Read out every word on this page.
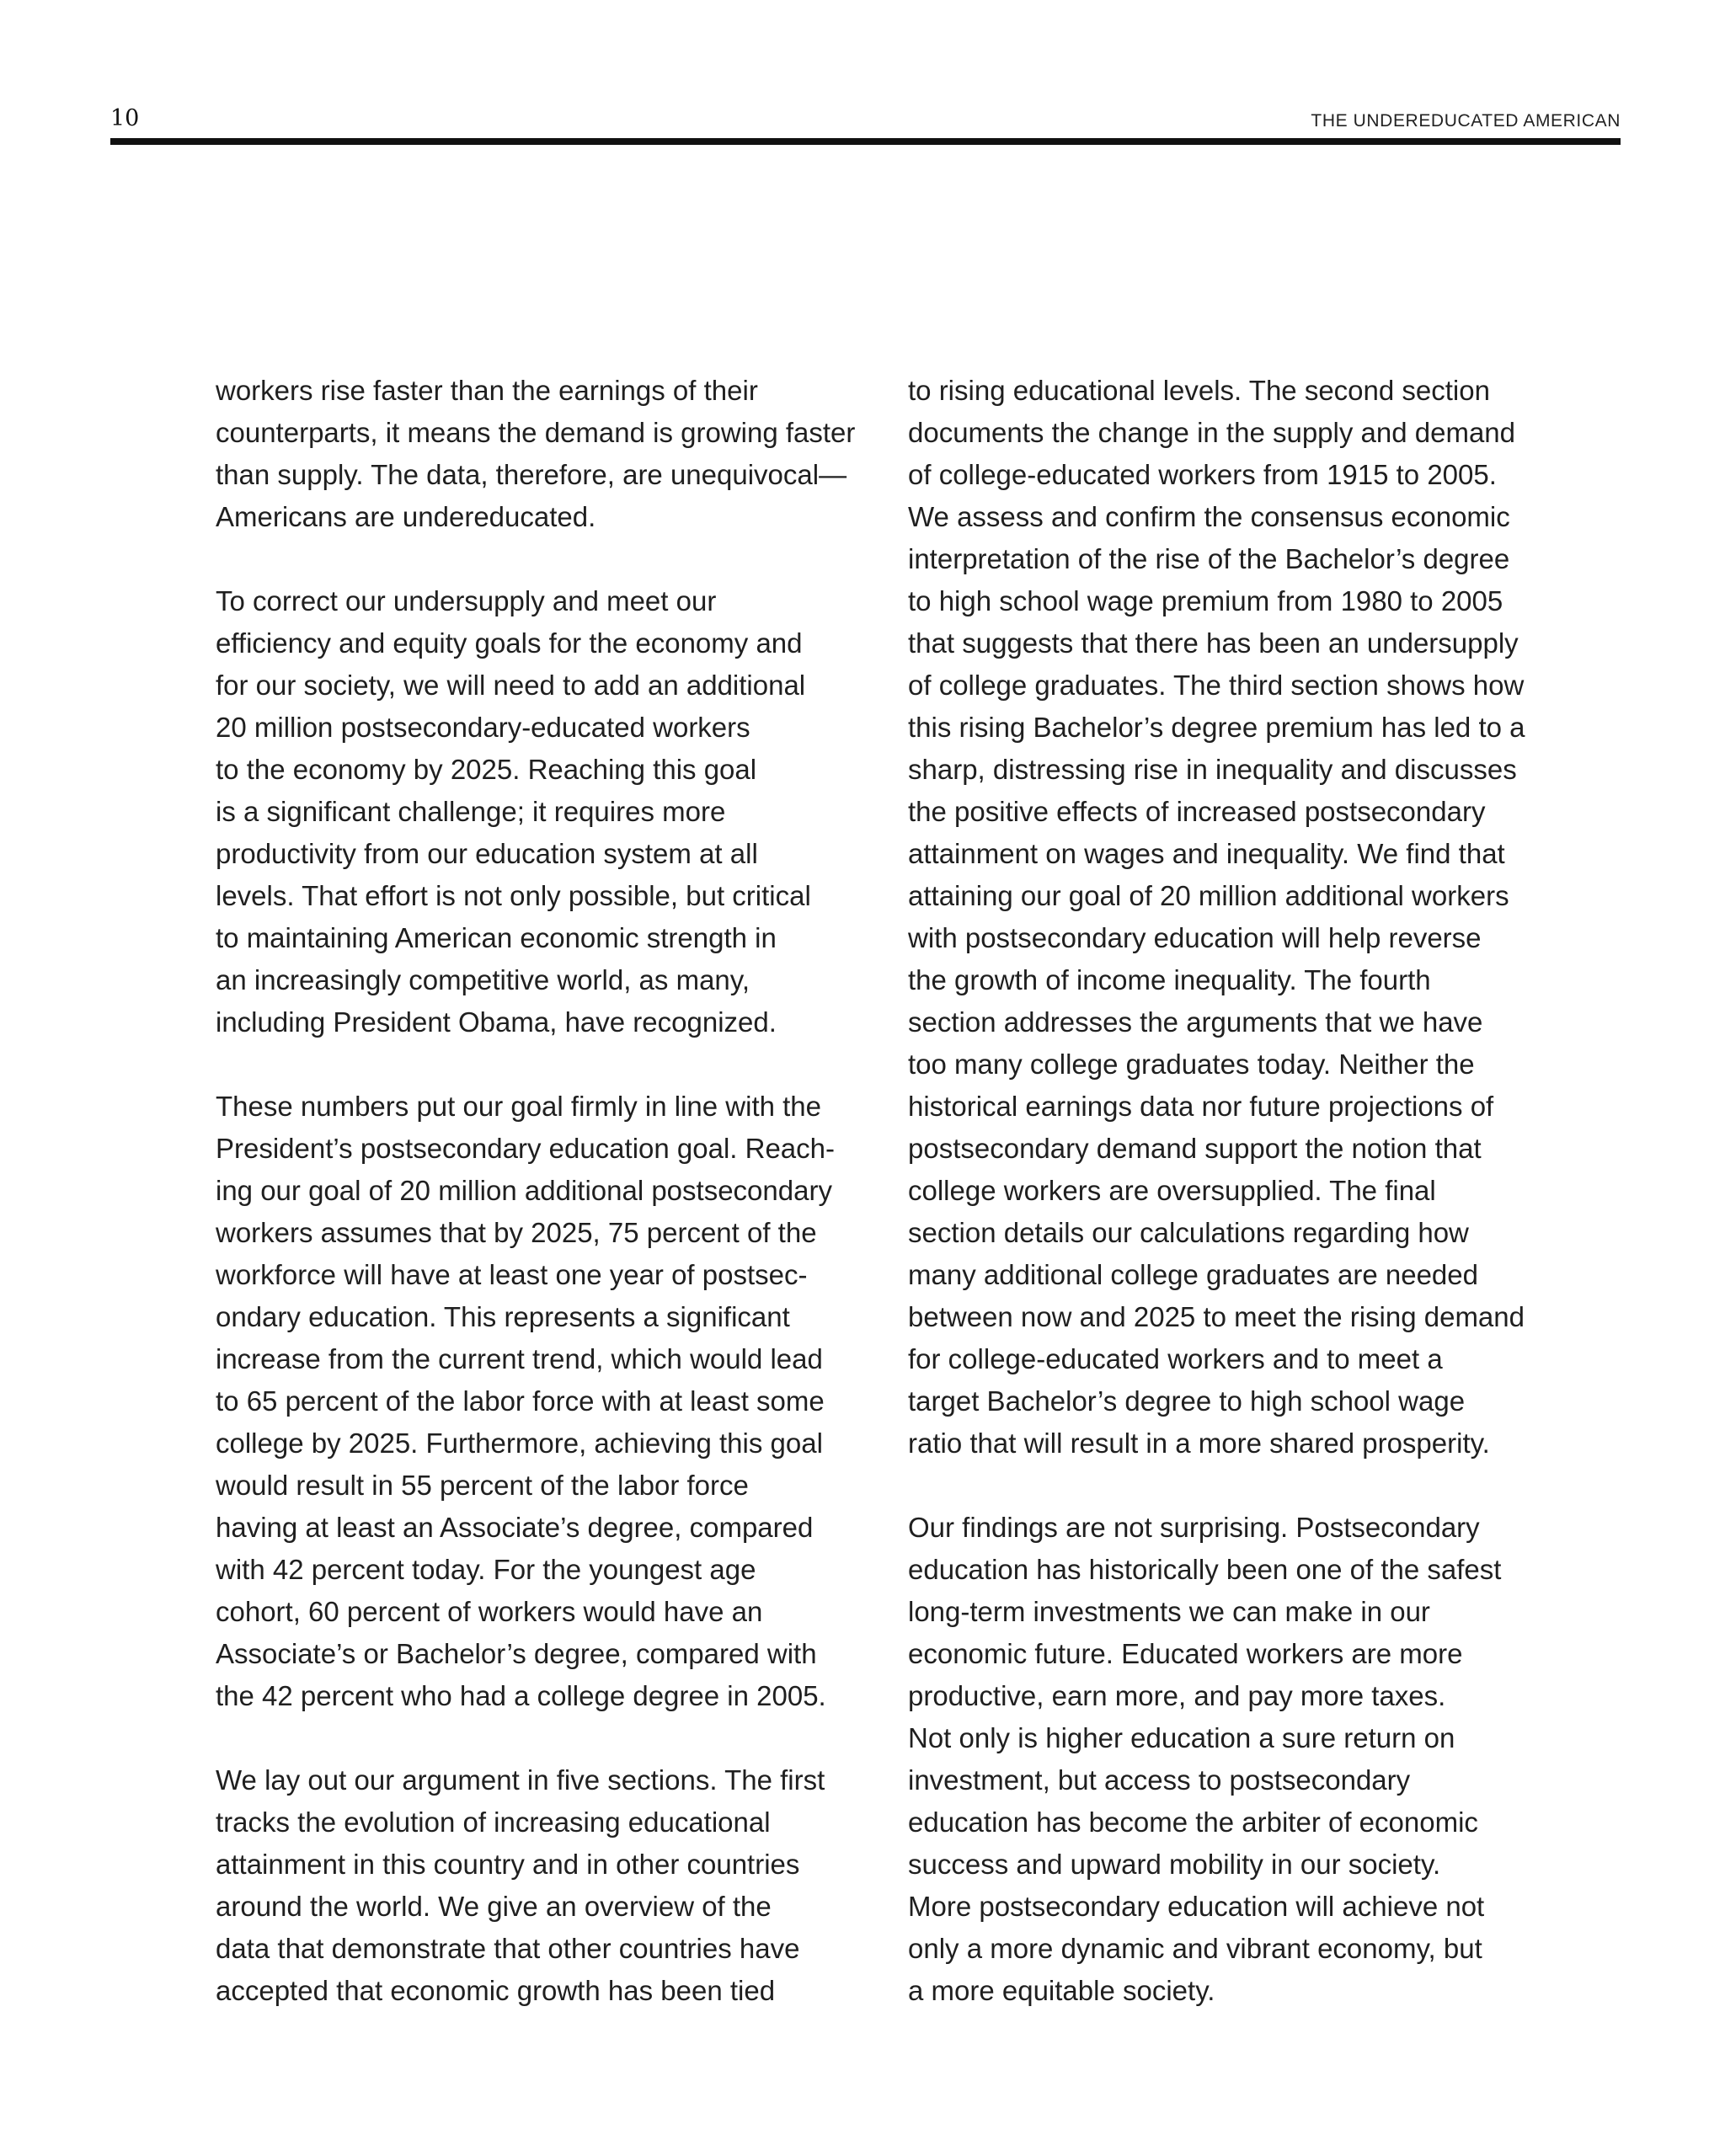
10	THE UNDEREDUCATED AMERICAN
workers rise faster than the earnings of their
counterparts, it means the demand is growing faster
than supply. The data, therefore, are unequivocal—
Americans are undereducated.
To correct our undersupply and meet our
efficiency and equity goals for the economy and
for our society, we will need to add an additional
20 million postsecondary-educated workers
to the economy by 2025. Reaching this goal
is a significant challenge; it requires more
productivity from our education system at all
levels. That effort is not only possible, but critical
to maintaining American economic strength in
an increasingly competitive world, as many,
including President Obama, have recognized.
These numbers put our goal firmly in line with the
President’s postsecondary education goal. Reach-
ing our goal of 20 million additional postsecondary
workers assumes that by 2025, 75 percent of the
workforce will have at least one year of postsec-
ondary education. This represents a significant
increase from the current trend, which would lead
to 65 percent of the labor force with at least some
college by 2025. Furthermore, achieving this goal
would result in 55 percent of the labor force
having at least an Associate’s degree, compared
with 42 percent today. For the youngest age
cohort, 60 percent of workers would have an
Associate’s or Bachelor’s degree, compared with
the 42 percent who had a college degree in 2005.
We lay out our argument in five sections. The first
tracks the evolution of increasing educational
attainment in this country and in other countries
around the world. We give an overview of the
data that demonstrate that other countries have
accepted that economic growth has been tied
to rising educational levels. The second section
documents the change in the supply and demand
of college-educated workers from 1915 to 2005.
We assess and confirm the consensus economic
interpretation of the rise of the Bachelor’s degree
to high school wage premium from 1980 to 2005
that suggests that there has been an undersupply
of college graduates. The third section shows how
this rising Bachelor’s degree premium has led to a
sharp, distressing rise in inequality and discusses
the positive effects of increased postsecondary
attainment on wages and inequality. We find that
attaining our goal of 20 million additional workers
with postsecondary education will help reverse
the growth of income inequality. The fourth
section addresses the arguments that we have
too many college graduates today. Neither the
historical earnings data nor future projections of
postsecondary demand support the notion that
college workers are oversupplied. The final
section details our calculations regarding how
many additional college graduates are needed
between now and 2025 to meet the rising demand
for college-educated workers and to meet a
target Bachelor’s degree to high school wage
ratio that will result in a more shared prosperity.
Our findings are not surprising. Postsecondary
education has historically been one of the safest
long-term investments we can make in our
economic future. Educated workers are more
productive, earn more, and pay more taxes.
Not only is higher education a sure return on
investment, but access to postsecondary
education has become the arbiter of economic
success and upward mobility in our society.
More postsecondary education will achieve not
only a more dynamic and vibrant economy, but
a more equitable society.
